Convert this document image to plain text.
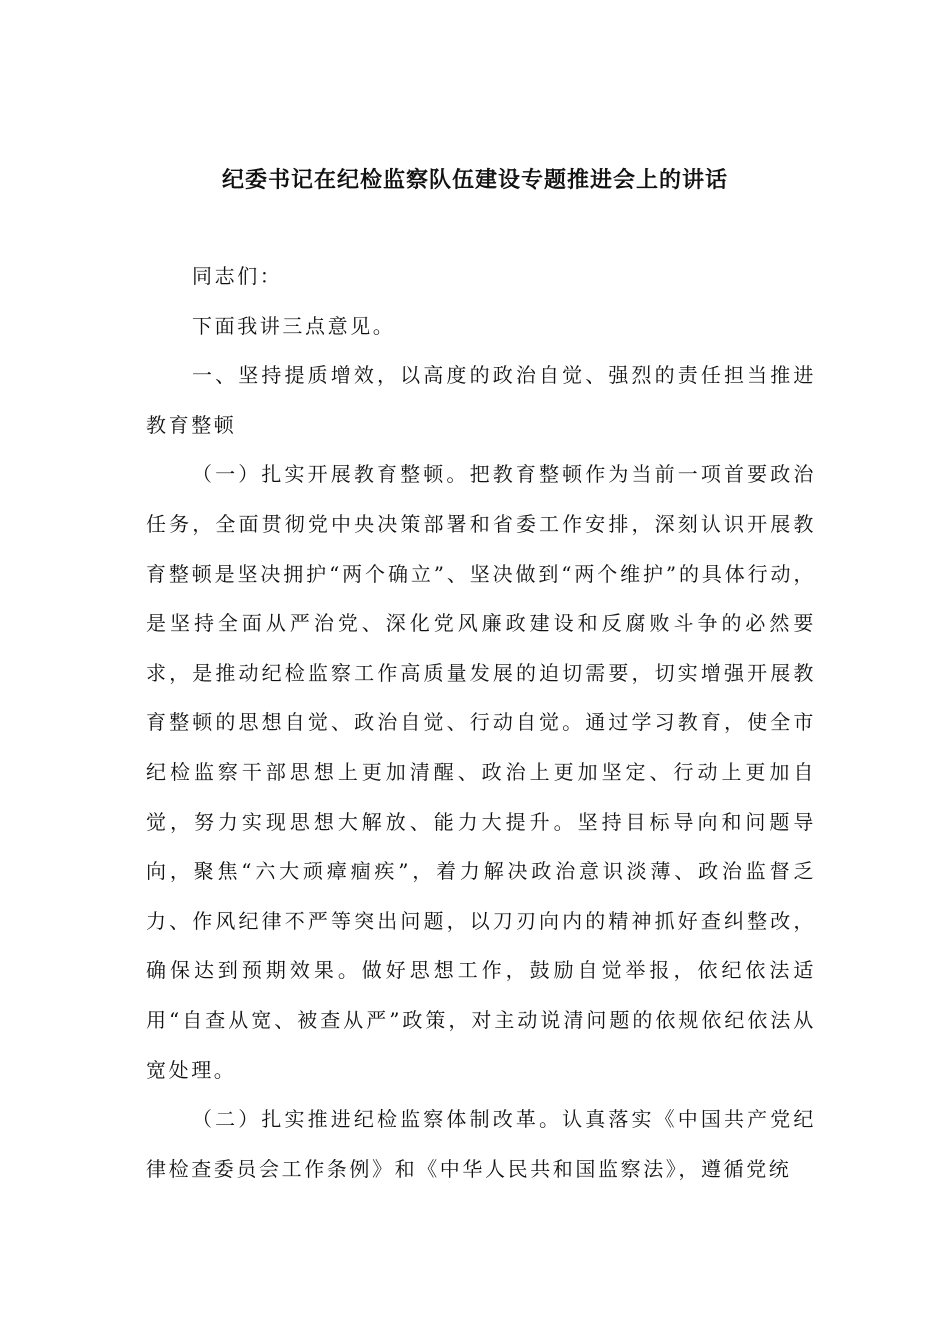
纪委书记在纪检监察队伍建设专题推进会上的讲话

同志们：

下面我讲三点意见。

一、坚持提质增效，以高度的政治自觉、强烈的责任担当推进教育整顿

（一）扎实开展教育整顿。把教育整顿作为当前一项首要政治任务，全面贯彻党中央决策部署和省委工作安排，深刻认识开展教育整顿是坚决拥护“两个确立”、坚决做到“两个维护”的具体行动，是坚持全面从严治党、深化党风廉政建设和反腐败斗争的必然要求，是推动纪检监察工作高质量发展的迫切需要，切实增强开展教育整顿的思想自觉、政治自觉、行动自觉。通过学习教育，使全市纪检监察干部思想上更加清醒、政治上更加坚定、行动上更加自觉，努力实现思想大解放、能力大提升。坚持目标导向和问题导向，聚焦“六大顽瘴痼疾”，着力解决政治意识淡薄、政治监督乏力、作风纪律不严等突出问题，以刀刃向内的精神抓好查纠整改，确保达到预期效果。做好思想工作，鼓励自觉举报，依纪依法适用“自查从宽、被查从严”政策，对主动说清问题的依规依纪依法从宽处理。

（二）扎实推进纪检监察体制改革。认真落实《中国共产党纪律检查委员会工作条例》和《中华人民共和国监察法》，遵循党统
